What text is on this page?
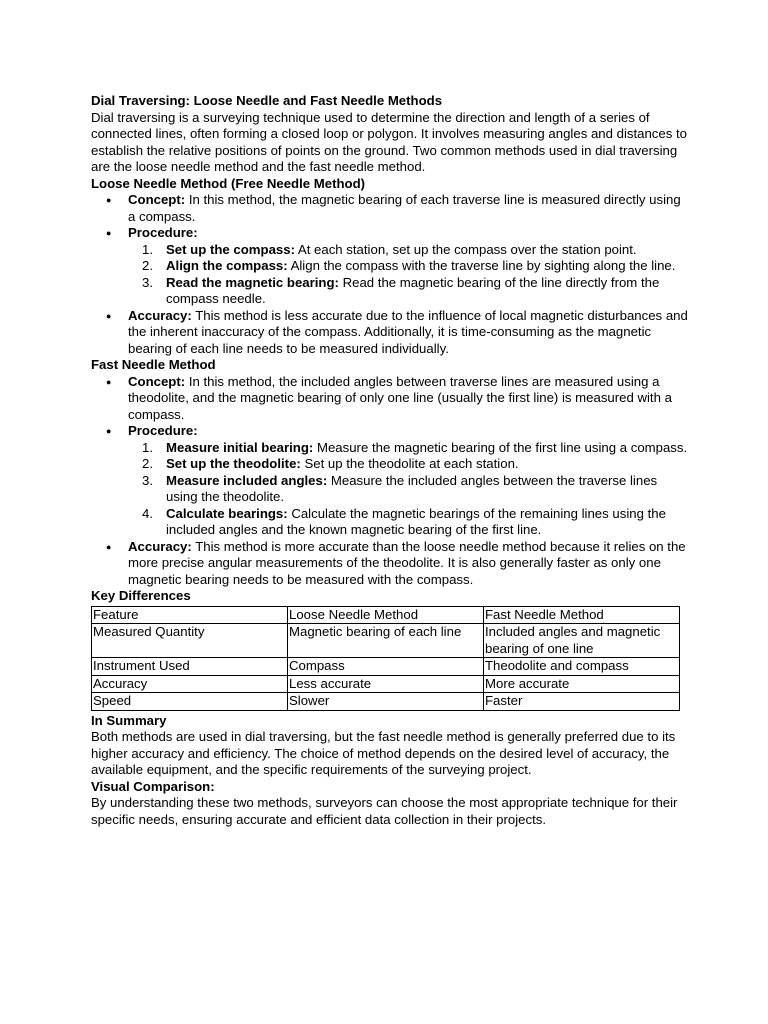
Dial Traversing: Loose Needle and Fast Needle Methods

Dial traversing is a surveying technique used to determine the direction and length of a series of connected lines, often forming a closed loop or polygon. It involves measuring angles and distances to establish the relative positions of points on the ground. Two common methods used in dial traversing are the loose needle method and the fast needle method.

Loose Needle Method (Free Needle Method)
● Concept: In this method, the magnetic bearing of each traverse line is measured directly using a compass.
● Procedure:
1. Set up the compass: At each station, set up the compass over the station point.
2. Align the compass: Align the compass with the traverse line by sighting along the line.
3. Read the magnetic bearing: Read the magnetic bearing of the line directly from the compass needle.
● Accuracy: This method is less accurate due to the influence of local magnetic disturbances and the inherent inaccuracy of the compass. Additionally, it is time-consuming as the magnetic bearing of each line needs to be measured individually.
Fast Needle Method
● Concept: In this method, the included angles between traverse lines are measured using a theodolite, and the magnetic bearing of only one line (usually the first line) is measured with a compass.
● Procedure:
1. Measure initial bearing: Measure the magnetic bearing of the first line using a compass.
2. Set up the theodolite: Set up the theodolite at each station.
3. Measure included angles: Measure the included angles between the traverse lines using the theodolite.
4. Calculate bearings: Calculate the magnetic bearings of the remaining lines using the included angles and the known magnetic bearing of the first line.
● Accuracy: This method is more accurate than the loose needle method because it relies on the more precise angular measurements of the theodolite. It is also generally faster as only one magnetic bearing needs to be measured with the compass.
Key Differences
Feature	Loose Needle Method	Fast Needle Method
Measured Quantity	Magnetic bearing of each line	Included angles and magnetic bearing of one line
Instrument Used	Compass	Theodolite and compass
Accuracy	Less accurate	More accurate
Speed	Slower	Faster
In Summary

Both methods are used in dial traversing, but the fast needle method is generally preferred due to its higher accuracy and efficiency. The choice of method depends on the desired level of accuracy, the available equipment, and the specific requirements of the surveying project.

Visual Comparison:

By understanding these two methods, surveyors can choose the most appropriate technique for their specific needs, ensuring accurate and efficient data collection in their projects.
